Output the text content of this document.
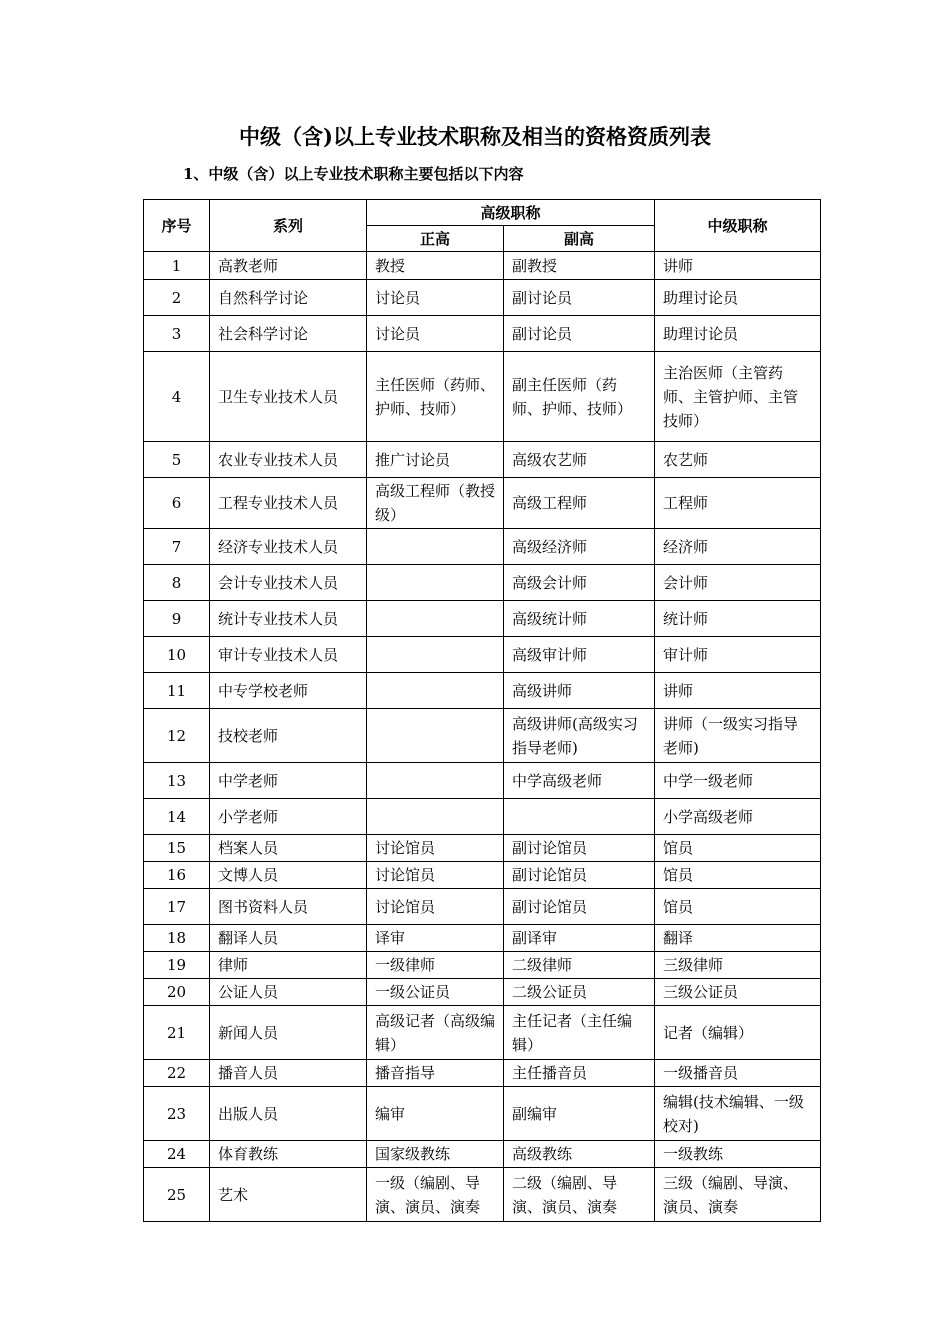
中级（含)以上专业技术职称及相当的资格资质列表

1、中级（含）以上专业技术职称主要包括以下内容

序号	系列	高级职称		中级职称
		正高	副高	
1	高教老师	教授	副教授	讲师
2	自然科学讨论	讨论员	副讨论员	助理讨论员
3	社会科学讨论	讨论员	副讨论员	助理讨论员
4	卫生专业技术人员	主任医师（药师、护师、技师）	副主任医师（药师、护师、技师）	主治医师（主管药师、主管护师、主管技师）
5	农业专业技术人员	推广讨论员	高级农艺师	农艺师
6	工程专业技术人员	高级工程师（教授级）	高级工程师	工程师
7	经济专业技术人员		高级经济师	经济师
8	会计专业技术人员		高级会计师	会计师
9	统计专业技术人员		高级统计师	统计师
10	审计专业技术人员		高级审计师	审计师
11	中专学校老师		高级讲师	讲师
12	技校老师		高级讲师(高级实习指导老师)	讲师（一级实习指导老师)
13	中学老师		中学高级老师	中学一级老师
14	小学老师			小学高级老师
15	档案人员	讨论馆员	副讨论馆员	馆员
16	文博人员	讨论馆员	副讨论馆员	馆员
17	图书资料人员	讨论馆员	副讨论馆员	馆员
18	翻译人员	译审	副译审	翻译
19	律师	一级律师	二级律师	三级律师
20	公证人员	一级公证员	二级公证员	三级公证员
21	新闻人员	高级记者（高级编辑）	主任记者（主任编辑）	记者（编辑）
22	播音人员	播音指导	主任播音员	一级播音员
23	出版人员	编审	副编审	编辑(技术编辑、一级校对)
24	体育教练	国家级教练	高级教练	一级教练
25	艺术	一级（编剧、导演、演员、演奏	二级（编剧、导演、演员、演奏	三级（编剧、导演、演员、演奏
